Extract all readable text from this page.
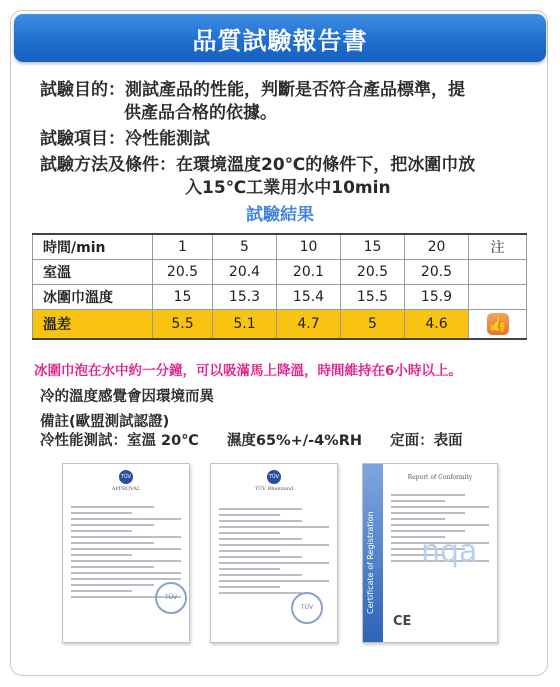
品質試驗報告書
試驗目的：測試產品的性能，判斷是否符合產品標準，提
供產品合格的依據。
試驗項目：冷性能測試
試驗方法及條件：在環境溫度20℃的條件下，把冰圍巾放
入15℃工業用水中10min
試驗結果
時間/min	1	5	10	15	20	注
室溫	20.5	20.4	20.1	20.5	20.5	
冰圍巾溫度	15	15.3	15.4	15.5	15.9	
溫差	5.5	5.1	4.7	5	4.6	👍
冰圍巾泡在水中約一分鐘，可以吸滿馬上降溫，時間維持在6小時以上。
冷的溫度感覺會因環境而異
備註(歐盟測試認證)
冷性能測試：室溫 20℃ 濕度65%+/-4%RH 定面：表面
TÜV
APPROVAL
TÜV
TÜV
TÜV Rheinland
TÜV	Certificate of Registration
Report of Conformity
nqa
CE
